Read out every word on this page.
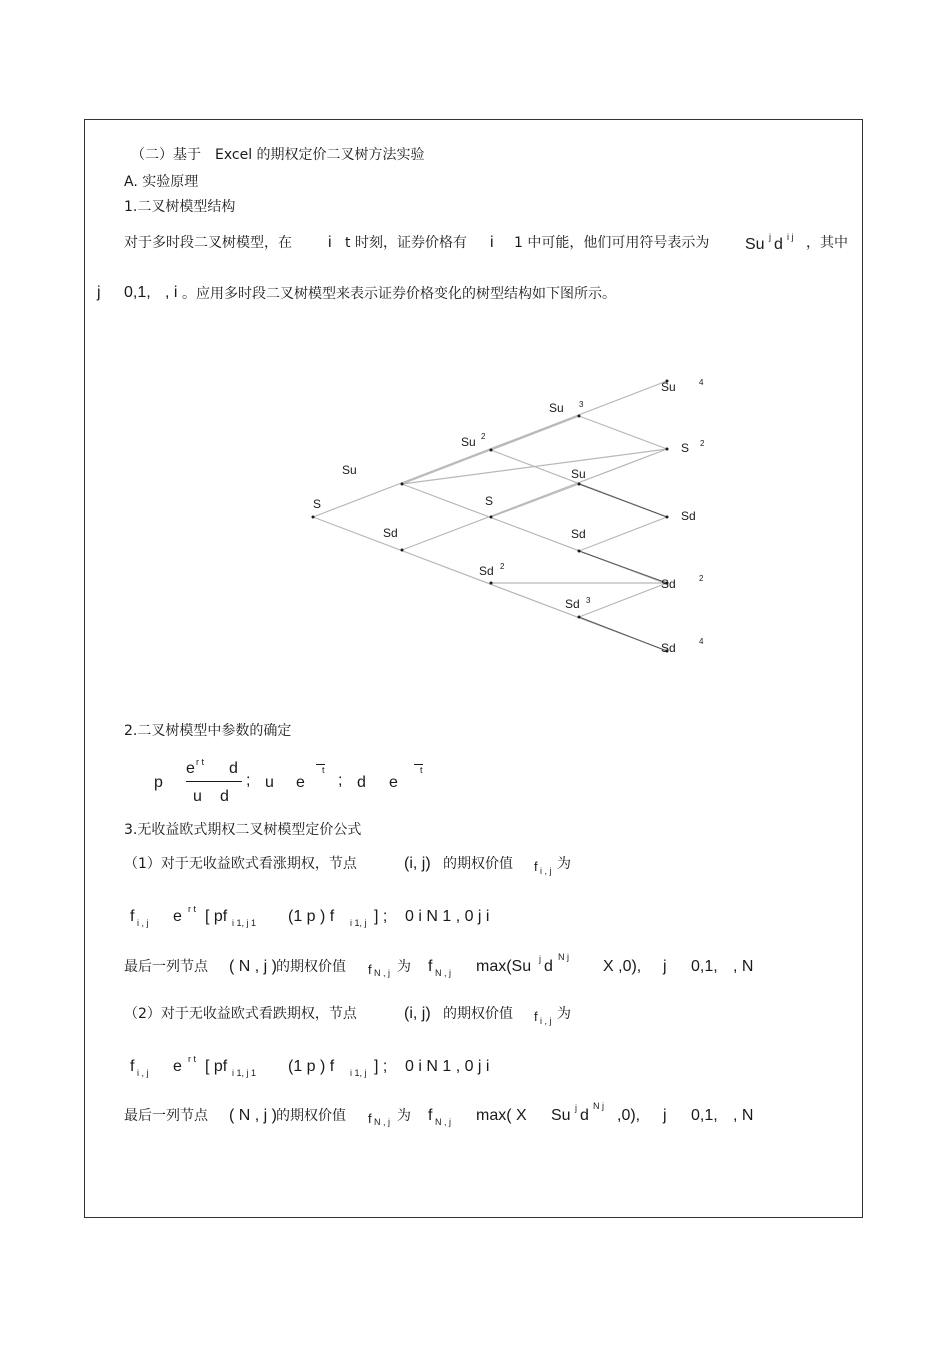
（二）基于　Excel 的期权定价二叉树方法实验
A. 实验原理
1.二叉树模型结构
对于多时段二叉树模型，在 i t 时刻，证券价格有 i 1 中可能，他们可用符号表示为 Su j d i j ，其中
j 0,1, , i 。应用多时段二叉树模型来表示证券价格变化的树型结构如下图所示。
S
Su
Sd
Su
S
Sd
Su
Su
Sd
Sd
Su
S
Sd
Sd
Sd
2
2
3
3
4
2
2
4
2.二叉树模型中参数的确定
p
e r t d
u d
; u e
t
; d e
t
3.无收益欧式期权二叉树模型定价公式
（1）对于无收益欧式看涨期权，节点	(i, j) 的期权价值 f i , j 为
f i , j e r t [ pf i 1, j 1 (1 p ) f i 1, j ] ; 0 i N 1 , 0 j i
最后一列节点 ( N , j ) 的期权价值 f N , j 为 f N , j max(Su j d
N j
X ,0), j 0,1, , N
（2）对于无收益欧式看跌期权，节点	(i, j) 的期权价值 f i , j 为
f i , j e r t [ pf i 1, j 1 (1 p ) f i 1, j ] ; 0 i N 1 , 0 j i
最后一列节点 ( N , j ) 的期权价值 f N , j 为 f N , j max( X Su j d
N j
,0), j 0,1, , N
